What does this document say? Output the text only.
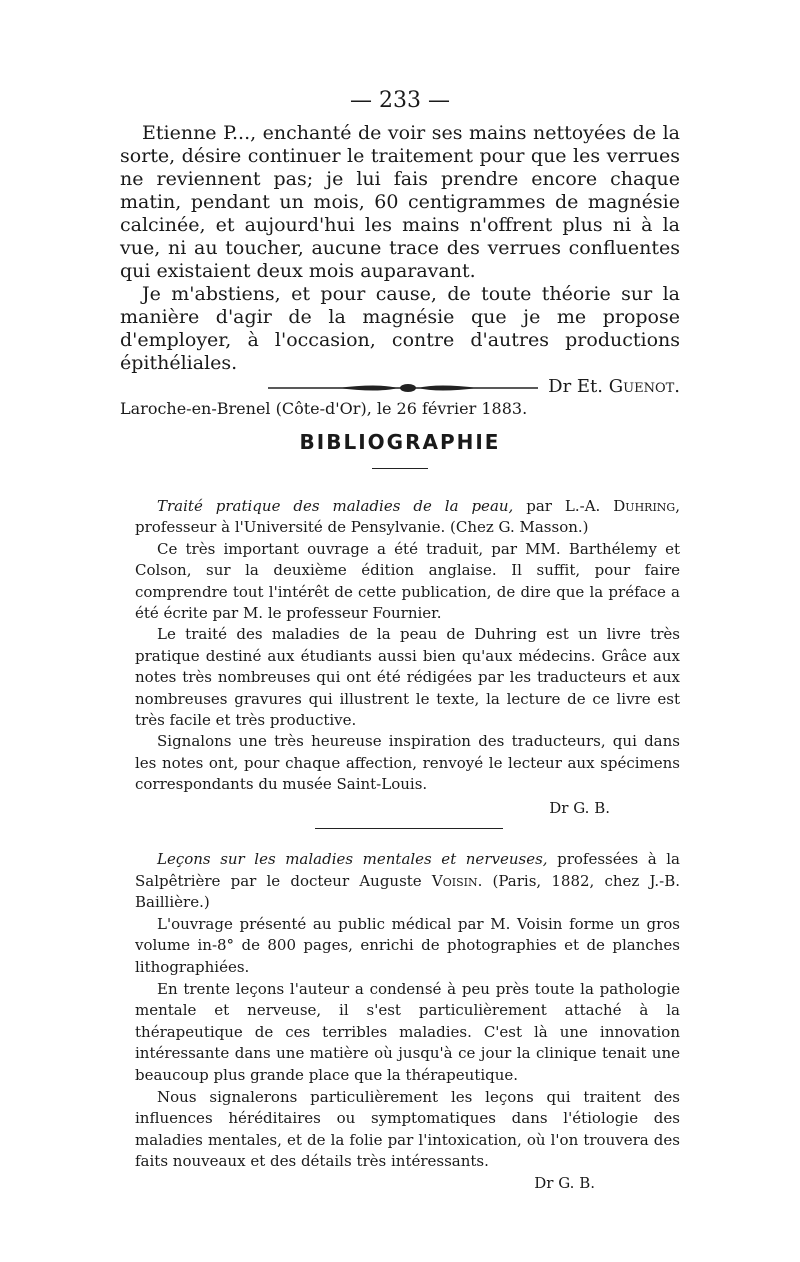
— 233 —

Etienne P..., enchanté de voir ses mains nettoyées de la sorte, désire continuer le traitement pour que les verrues ne reviennent pas; je lui fais prendre encore chaque matin, pendant un mois, 60 centigrammes de magnésie calcinée, et aujourd'hui les mains n'offrent plus ni à la vue, ni au toucher, aucune trace des verrues confluentes qui existaient deux mois auparavant.

Je m'abstiens, et pour cause, de toute théorie sur la manière d'agir de la magnésie que je me propose d'employer, à l'occasion, contre d'autres productions épithéliales.

Dr Et. Guenot.

Laroche-en-Brenel (Côte-d'Or), le 26 février 1883.

BIBLIOGRAPHIE

Traité pratique des maladies de la peau, par L.-A. Duhring, professeur à l'Université de Pensylvanie. (Chez G. Masson.)

Ce très important ouvrage a été traduit, par MM. Barthélemy et Colson, sur la deuxième édition anglaise. Il suffit, pour faire comprendre tout l'intérêt de cette publication, de dire que la préface a été écrite par M. le professeur Fournier.

Le traité des maladies de la peau de Duhring est un livre très pratique destiné aux étudiants aussi bien qu'aux médecins. Grâce aux notes très nombreuses qui ont été rédigées par les traducteurs et aux nombreuses gravures qui illustrent le texte, la lecture de ce livre est très facile et très productive.

Signalons une très heureuse inspiration des traducteurs, qui dans les notes ont, pour chaque affection, renvoyé le lecteur aux spécimens correspondants du musée Saint-Louis.

Dr G. B.

Leçons sur les maladies mentales et nerveuses, professées à la Salpêtrière par le docteur Auguste Voisin. (Paris, 1882, chez J.-B. Baillière.)

L'ouvrage présenté au public médical par M. Voisin forme un gros volume in-8° de 800 pages, enrichi de photographies et de planches lithographiées.

En trente leçons l'auteur a condensé à peu près toute la pathologie mentale et nerveuse, il s'est particulièrement attaché à la thérapeutique de ces terribles maladies. C'est là une innovation intéressante dans une matière où jusqu'à ce jour la clinique tenait une beaucoup plus grande place que la thérapeutique.

Nous signalerons particulièrement les leçons qui traitent des influences héréditaires ou symptomatiques dans l'étiologie des maladies mentales, et de la folie par l'intoxication, où l'on trouvera des faits nouveaux et des détails très intéressants.

Dr G. B.
